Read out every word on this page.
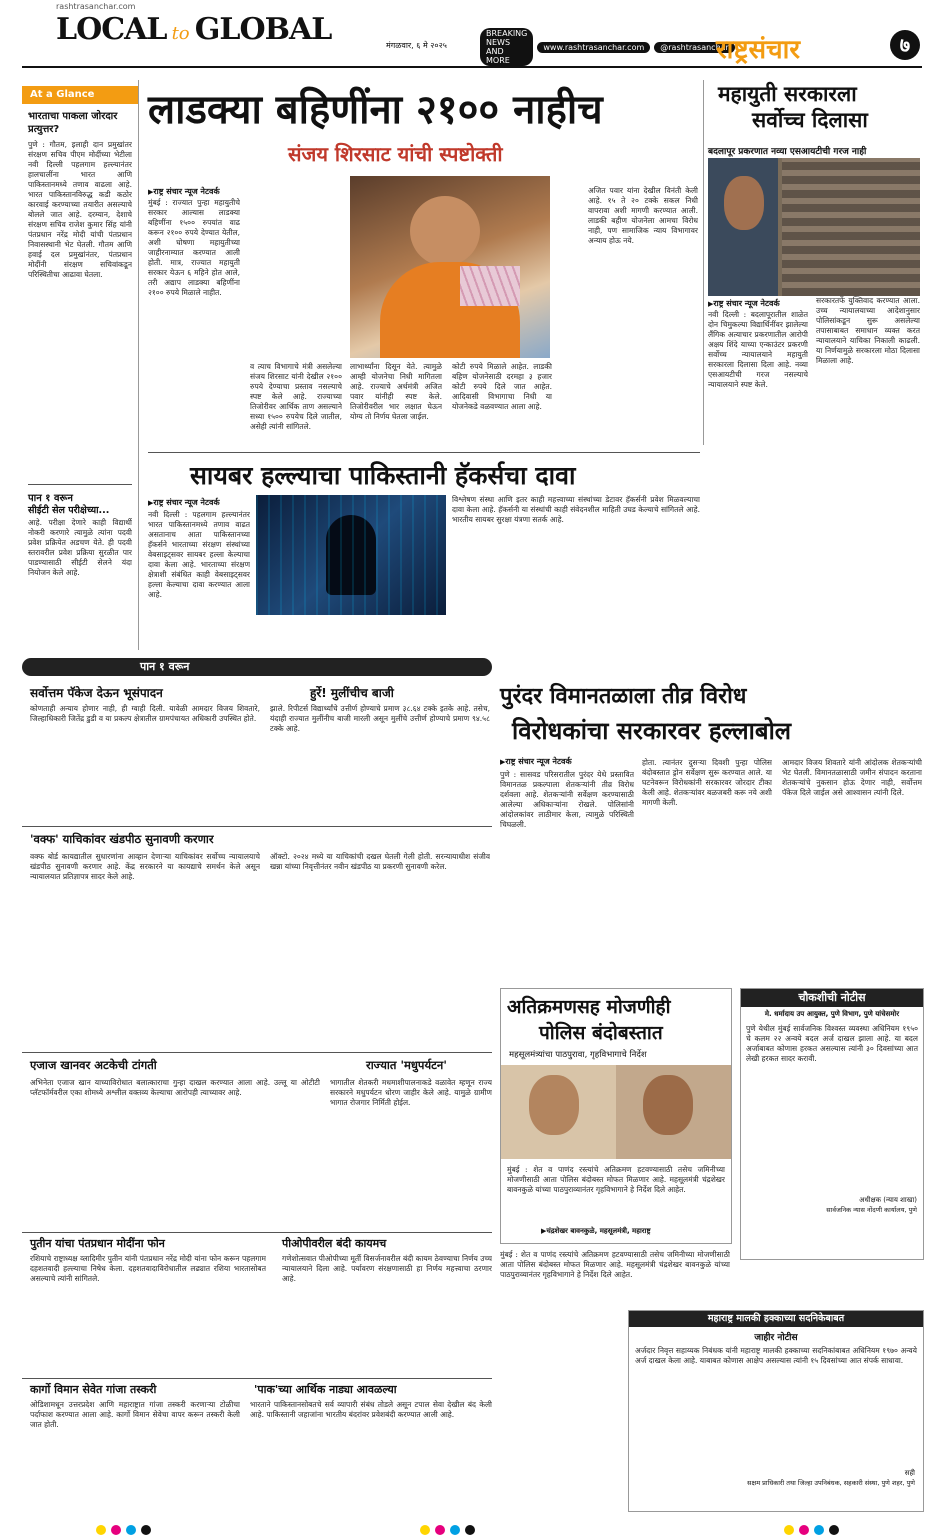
rashtrasanchar.com
LOCAL to GLOBAL	मंगळवार, ६ मे २०२५
BREAKING NEWS AND MORE
www.rashtrasanchar.com	@rashtrasanchar
राष्ट्रसंचार	७
At a Glance
भारताचा पाकला जोरदार प्रत्युत्तर?
पुणे : गौतम, इलाही दान प्रमुखांतर संरक्षण सचिव पीएम मोदींच्या भेटीला नवी दिल्ली पहलगाम हल्ल्यानंतर हालचालींना भारत आणि पाकिस्तानमध्ये तणाव वाढला आहे. भारत पाकिस्तानविरुद्ध कडी कठोर कारवाई करण्याच्या तयारीत असल्याचे बोलले जात आहे. दरम्यान, देशाचे संरक्षण सचिव राजेश कुमार सिंह यांनी पंतप्रधान नरेंद्र मोदी यांची पंतप्रधान निवासस्थानी भेट घेतली. गौतम आणि हवाई दल प्रमुखांनंतर, पंतप्रधान मोदींनी संरक्षण सचिवांकडून परिस्थितीचा आढावा घेतला.
पान १ वरून
सीईटी सेल परीक्षेच्या...
आहे. परीक्षा देणारे काही विद्यार्थी नोकरी करणारे त्यामुळे त्यांना पदवी प्रवेश प्रक्रियेत अडचण येते. ही पदवी स्तरावरील प्रवेश प्रक्रिया सुरळीत पार पाडण्यासाठी सीईटी सेलने यंदा नियोजन केले आहे.
लाडक्या बहिणींना २१०० नाहीच
संजय शिरसाट यांची स्पष्टोक्ती
▶ राष्ट्र संचार न्यूज नेटवर्क
मुंबई : राज्यात पुन्हा महायुतीचे सरकार आल्यास लाडक्या बहिणींना १५०० रुपयांत वाढ करून २१०० रुपये देण्यात येतील, अशी घोषणा महायुतीच्या जाहीरनाम्यात करण्यात आली होती. मात्र, राज्यात महायुती सरकार येऊन ६ महिने होत आले, तरी अद्याप लाडक्या बहिणींना २१०० रुपये मिळाले नाहीत.
व त्याच विभागाचे मंत्री असलेल्या संजय शिरसाट यांनी देखील २१०० रुपये देण्याचा प्रस्ताव नसल्याचे स्पष्ट केले आहे. राज्याच्या तिजोरीवर आर्थिक ताण असल्याने सध्या १५०० रुपयेच दिले जातील, असेही त्यांनी सांगितले.
लाभार्थ्यांना दिसून येते. त्यामुळे आम्ही योजनेचा निधी मागितला आहे. राज्याचे अर्थमंत्री अजित पवार यांनीही स्पष्ट केले. तिजोरीवरील भार लक्षात घेऊन योग्य तो निर्णय घेतला जाईल.
कोटी रुपये मिळाले आहेत. लाडकी बहिण योजनेसाठी दरमहा ३ हजार कोटी रुपये दिले जात आहेत. आदिवासी विभागाचा निधी या योजनेकडे वळवण्यात आला आहे.
अजित पवार यांना देखील विनंती केली आहे. १५ ते २० टक्के सकल निधी वापरावा अशी मागणी करण्यात आली. लाडकी बहीण योजनेला आमचा विरोध नाही, पण सामाजिक न्याय विभागावर अन्याय होऊ नये.
महायुती सरकारला
सर्वोच्च दिलासा
बदलापूर प्रकरणात नव्या एसआयटीची गरज नाही
▶ राष्ट्र संचार न्यूज नेटवर्क
नवी दिल्ली : बदलापूरातील शाळेत दोन चिमुकल्या विद्यार्थिनींवर झालेल्या लैंगिक अत्याचार प्रकरणातील आरोपी अक्षय शिंदे याच्या एन्काउंटर प्रकरणी सर्वोच्च न्यायालयाने महायुती सरकारला दिलासा दिला आहे. नव्या एसआयटीची गरज नसल्याचे न्यायालयाने स्पष्ट केले.
सरकारतर्फे युक्तिवाद करण्यात आला. उच्च न्यायालयाच्या आदेशानुसार पोलिसांकडून सुरू असलेल्या तपासाबाबत समाधान व्यक्त करत न्यायालयाने याचिका निकाली काढली. या निर्णयामुळे सरकारला मोठा दिलासा मिळाला आहे.
सायबर हल्ल्याचा पाकिस्तानी हॅकर्सचा दावा
▶ राष्ट्र संचार न्यूज नेटवर्क
नवी दिल्ली : पहलगाम हल्ल्यानंतर भारत पाकिस्तानमध्ये तणाव वाढत असतानाच आता पाकिस्तानच्या हॅकर्सने भारताच्या संरक्षण संस्थांच्या वेबसाइट्सवर सायबर हल्ला केल्याचा दावा केला आहे. भारताच्या संरक्षण क्षेत्राशी संबंधित काही वेबसाइट्सवर हल्ला केल्याचा दावा करण्यात आला आहे.
विश्लेषण संस्था आणि इतर काही महत्त्वाच्या संस्थांच्या डेटावर हॅकर्सनी प्रवेश मिळवल्याचा दावा केला आहे. हॅकर्सनी या संस्थांची काही संवेदनशील माहिती उघड केल्याचे सांगितले आहे. भारतीय सायबर सुरक्षा यंत्रणा सतर्क आहे.
पान १ वरून
सर्वोत्तम पॅकेज देऊन भूसंपादन	हुर्रे! मुलींचीच बाजी
कोणताही अन्याय होणार नाही, ही ग्वाही दिली. यावेळी आमदार विजय शिवतारे, जिल्हाधिकारी जितेंद्र डुडी व या प्रकल्प क्षेत्रातील ग्रामपंचायत अधिकारी उपस्थित होते.
झाले. रिपीटर्स विद्यार्थ्यांचे उत्तीर्ण होण्याचे प्रमाण ३८.६४ टक्के इतके आहे. तसेच, यंदाही राज्यात मुलींनीच बाजी मारली असून मुलींचे उत्तीर्ण होण्याचे प्रमाण ९४.५८ टक्के आहे.
पुरंदर विमानतळाला तीव्र विरोध
विरोधकांचा सरकारवर हल्लाबोल
▶ राष्ट्र संचार न्यूज नेटवर्क
पुणे : सासवड परिसरातील पुरंदर येथे प्रस्तावित विमानतळ प्रकल्पाला शेतकऱ्यांनी तीव्र विरोध दर्शवला आहे. शेतकऱ्यांनी सर्वेक्षण करण्यासाठी आलेल्या अधिकाऱ्यांना रोखले. पोलिसांनी आंदोलकांवर लाठीमार केला, त्यामुळे परिस्थिती चिघळली.
होता. त्यानंतर दुसऱ्या दिवशी पुन्हा पोलिस बंदोबस्तात ड्रोन सर्वेक्षण सुरू करण्यात आले. या घटनेवरून विरोधकांनी सरकारवर जोरदार टीका केली आहे. शेतकऱ्यांवर बळजबरी करू नये अशी मागणी केली.
आमदार विजय शिवतारे यांनी आंदोलक शेतकऱ्यांची भेट घेतली. विमानतळासाठी जमीन संपादन करताना शेतकऱ्यांचे नुकसान होऊ देणार नाही, सर्वोत्तम पॅकेज दिले जाईल असे आश्वासन त्यांनी दिले.
'वक्फ' याचिकांवर खंडपीठ सुनावणी करणार
वक्फ बोर्ड कायद्यातील सुधारणांना आव्हान देणाऱ्या याचिकांवर सर्वोच्च न्यायालयाचे खंडपीठ सुनावणी करणार आहे. केंद्र सरकारने या कायद्याचे समर्थन केले असून न्यायालयात प्रतिज्ञापत्र सादर केले आहे.
ऑक्टो. २०२४ मध्ये या याचिकांची दखल घेतली गेली होती. सरन्यायाधीश संजीव खन्ना यांच्या निवृत्तीनंतर नवीन खंडपीठ या प्रकरणी सुनावणी करेल.
अतिक्रमणसह मोजणीही
पोलिस बंदोबस्तात
महसूलमंत्र्यांचा पाठपुरावा, गृहविभागाचे निर्देश
मुंबई : शेत व पाणंद रस्त्यांचे अतिक्रमण हटवण्यासाठी तसेच जमिनीच्या मोजणीसाठी आता पोलिस बंदोबस्त मोफत मिळणार आहे. महसूलमंत्री चंद्रशेखर बावनकुळे यांच्या पाठपुराव्यानंतर गृहविभागाने हे निर्देश दिले आहेत.
▶ चंद्रशेखर बावनकुळे, महसूलमंत्री, महाराष्ट्र
एजाज खानवर अटकेची टांगती
अभिनेता एजाज खान याच्याविरोधात बलात्काराचा गुन्हा दाखल करण्यात आला आहे. उल्लू या ओटीटी प्लॅटफॉर्मवरील एका शोमध्ये अश्लील वक्तव्य केल्याचा आरोपही त्याच्यावर आहे.
राज्यात 'मधुपर्यटन'
भागातील शेतकरी मधमाशीपालनाकडे वळावेत म्हणून राज्य सरकारने मधुपर्यटन धोरण जाहीर केले आहे. यामुळे ग्रामीण भागात रोजगार निर्मिती होईल.
पुतीन यांचा पंतप्रधान मोदींना फोन
रशियाचे राष्ट्राध्यक्ष व्लादिमीर पुतीन यांनी पंतप्रधान नरेंद्र मोदी यांना फोन करून पहलगाम दहशतवादी हल्ल्याचा निषेध केला. दहशतवादाविरोधातील लढ्यात रशिया भारतासोबत असल्याचे त्यांनी सांगितले.
पीओपीवरील बंदी कायमच
गणेशोत्सवात पीओपीच्या मूर्ती विसर्जनावरील बंदी कायम ठेवण्याचा निर्णय उच्च न्यायालयाने दिला आहे. पर्यावरण संरक्षणासाठी हा निर्णय महत्त्वाचा ठरणार आहे.
कार्गो विमान सेवेत गांजा तस्करी
ओडिशामधून उत्तरप्रदेश आणि महाराष्ट्रात गांजा तस्करी करणाऱ्या टोळीचा पर्दाफाश करण्यात आला आहे. कार्गो विमान सेवेचा वापर करून तस्करी केली जात होती.
'पाक'च्या आर्थिक नाड्या आवळल्या
भारताने पाकिस्तानसोबतचे सर्व व्यापारी संबंध तोडले असून टपाल सेवा देखील बंद केली आहे. पाकिस्तानी जहाजांना भारतीय बंदरांवर प्रवेशबंदी करण्यात आली आहे.
मुंबई : शेत व पाणंद रस्त्यांचे अतिक्रमण हटवण्यासाठी तसेच जमिनीच्या मोजणीसाठी आता पोलिस बंदोबस्त मोफत मिळणार आहे. महसूलमंत्री चंद्रशेखर बावनकुळे यांच्या पाठपुराव्यानंतर गृहविभागाने हे निर्देश दिले आहेत.
चौकशीची नोटीस
मे. धर्मादाय उप आयुक्त, पुणे विभाग, पुणे यांचेसमोर
पुणे येथील मुंबई सार्वजनिक विश्वस्त व्यवस्था अधिनियम १९५० चे कलम २२ अन्वये बदल अर्ज दाखल झाला आहे. या बदल अर्जाबाबत कोणास हरकत असल्यास त्यांनी ३० दिवसांच्या आत लेखी हरकत सादर करावी.
अधीक्षक (न्याय शाखा)
सार्वजनिक न्यास नोंदणी कार्यालय, पुणे
महाराष्ट्र मालकी हक्काच्या सदनिकेबाबत
जाहीर नोटीस
अर्जदार निवृत्त सहाय्यक निबंधक यांनी महाराष्ट्र मालकी हक्काच्या सदनिकांबाबत अधिनियम १९७० अन्वये अर्ज दाखल केला आहे. याबाबत कोणास आक्षेप असल्यास त्यांनी १५ दिवसांच्या आत संपर्क साधावा.
सही
सक्षम प्राधिकारी तथा जिल्हा उपनिबंधक, सहकारी संस्था, पुणे शहर, पुणे
